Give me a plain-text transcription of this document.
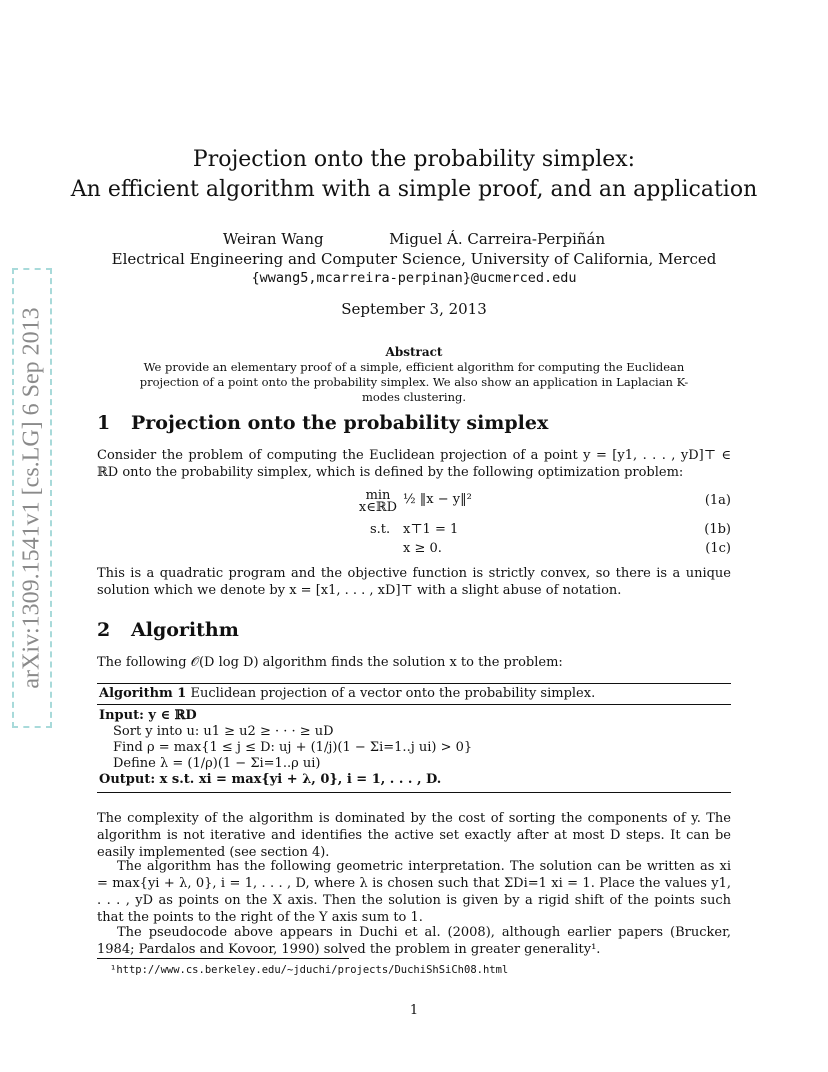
arXiv:1309.1541v1 [cs.LG] 6 Sep 2013
Projection onto the probability simplex:
An efficient algorithm with a simple proof, and an application
Weiran Wang	Miguel Á. Carreira-Perpiñán
Electrical Engineering and Computer Science, University of California, Merced
{wwang5,mcarreira-perpinan}@ucmerced.edu
September 3, 2013
Abstract
We provide an elementary proof of a simple, efficient algorithm for computing the Euclidean projection of a point onto the probability simplex. We also show an application in Laplacian K-modes clustering.
1 Projection onto the probability simplex
Consider the problem of computing the Euclidean projection of a point y = [y1, . . . , yD]⊤ ∈ ℝD onto the probability simplex, which is defined by the following optimization problem:
min x∈ℝD
½ ‖x − y‖²	(1a)
s.t. x⊤1 = 1	(1b)
x ≥ 0.	(1c)
This is a quadratic program and the objective function is strictly convex, so there is a unique solution which we denote by x = [x1, . . . , xD]⊤ with a slight abuse of notation.
2 Algorithm
The following 𝒪(D log D) algorithm finds the solution x to the problem:
Algorithm 1 Euclidean projection of a vector onto the probability simplex.
Input: y ∈ ℝD
Sort y into u: u1 ≥ u2 ≥ · · · ≥ uD
Find ρ = max{1 ≤ j ≤ D: uj + (1/j)(1 − Σi=1..j ui) > 0}
Define λ = (1/ρ)(1 − Σi=1..ρ ui)
Output: x s.t. xi = max{yi + λ, 0}, i = 1, . . . , D.
The complexity of the algorithm is dominated by the cost of sorting the components of y. The algorithm is not iterative and identifies the active set exactly after at most D steps. It can be easily implemented (see section 4).
The algorithm has the following geometric interpretation. The solution can be written as xi = max{yi + λ, 0}, i = 1, . . . , D, where λ is chosen such that ΣDi=1 xi = 1. Place the values y1, . . . , yD as points on the X axis. Then the solution is given by a rigid shift of the points such that the points to the right of the Y axis sum to 1.
The pseudocode above appears in Duchi et al. (2008), although earlier papers (Brucker, 1984; Pardalos and Kovoor, 1990) solved the problem in greater generality¹.
¹http://www.cs.berkeley.edu/~jduchi/projects/DuchiShSiCh08.html
1
